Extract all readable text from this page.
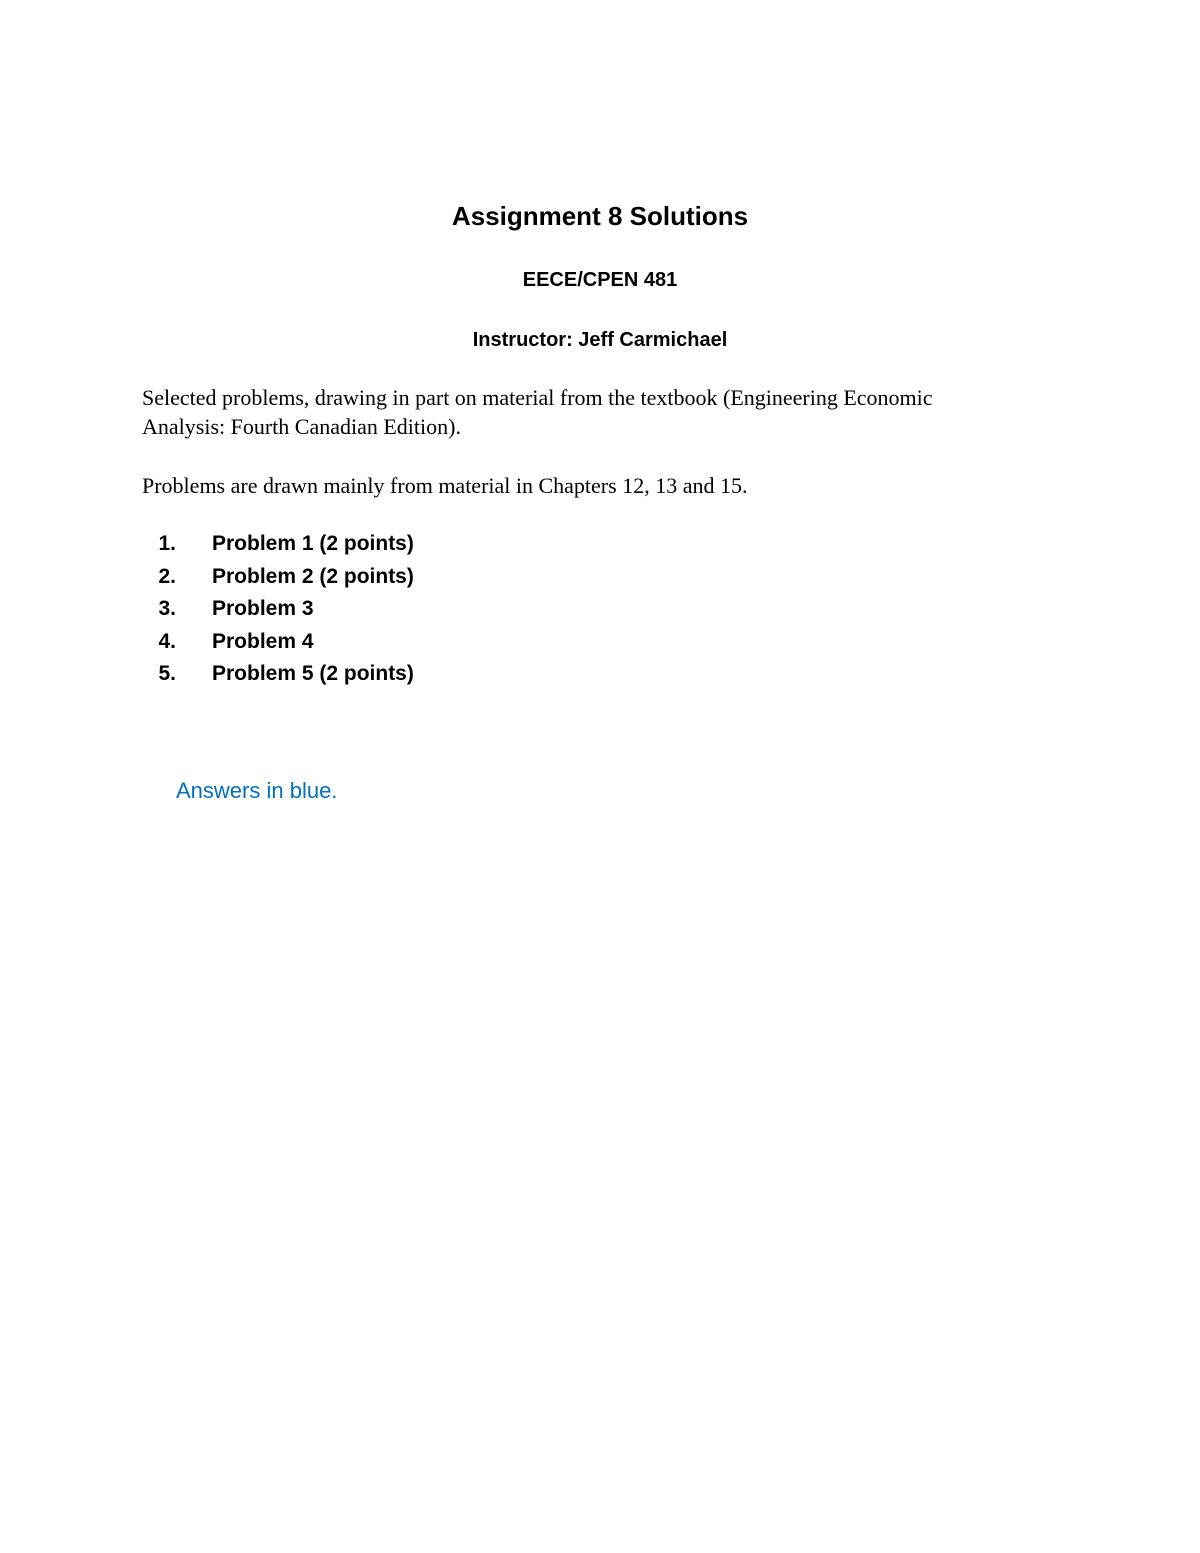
Assignment 8 Solutions
EECE/CPEN 481
Instructor: Jeff Carmichael
Selected problems, drawing in part on material from the textbook (Engineering Economic Analysis: Fourth Canadian Edition).
Problems are drawn mainly from material in Chapters 12, 13 and 15.
1. Problem 1 (2 points)
2. Problem 2 (2 points)
3. Problem 3
4. Problem 4
5. Problem 5 (2 points)
Answers in blue.
